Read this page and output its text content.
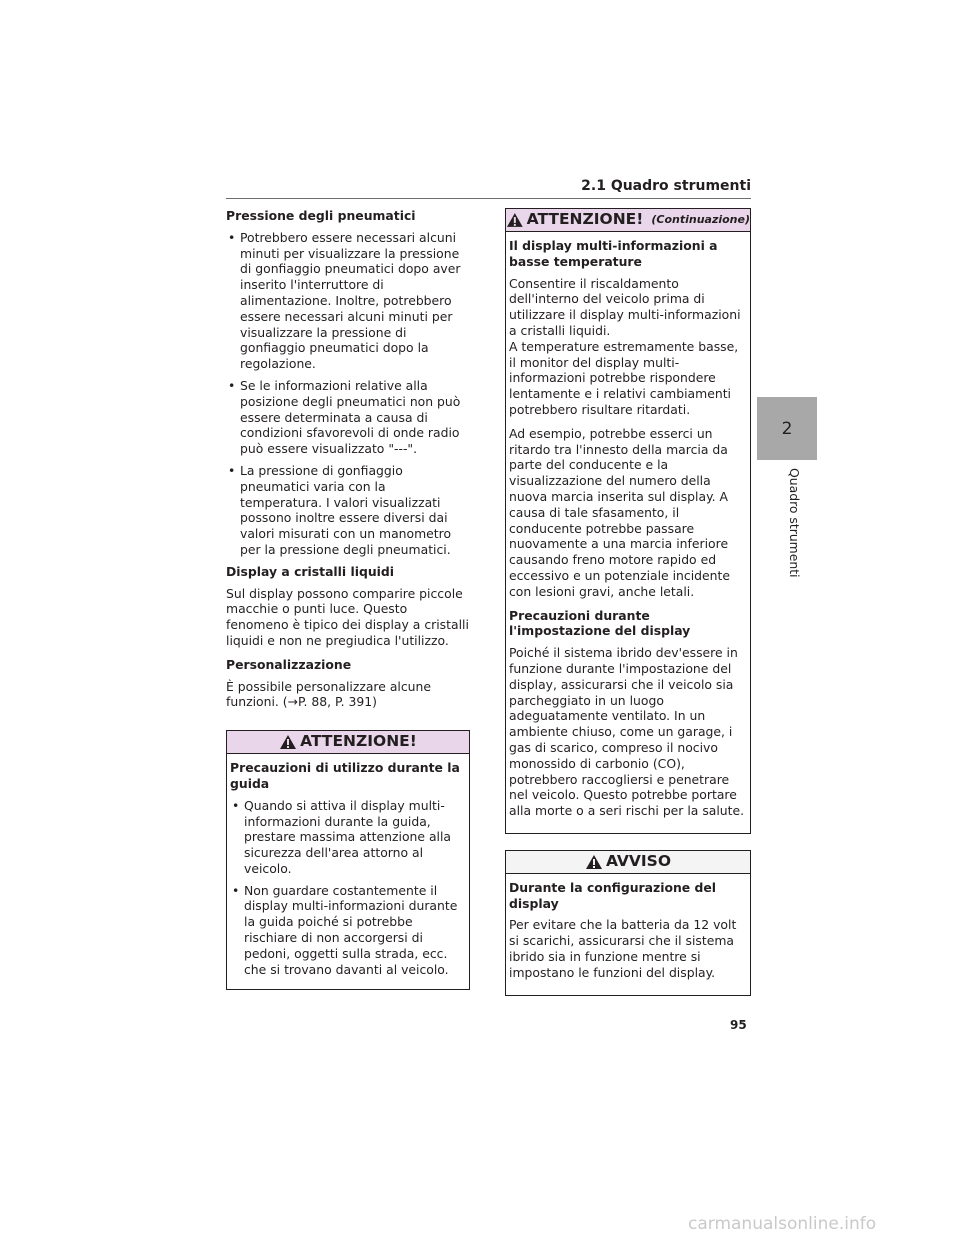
2.1 Quadro strumenti
Pressione degli pneumatici
• Potrebbero essere necessari alcuni minuti per visualizzare la pressione di gonfiaggio pneumatici dopo aver inserito l'interruttore di alimentazione. Inoltre, potrebbero essere necessari alcuni minuti per visualizzare la pressione di gonfiaggio pneumatici dopo la regolazione.
• Se le informazioni relative alla posizione degli pneumatici non può essere determinata a causa di condizioni sfavorevoli di onde radio può essere visualizzato "---".
• La pressione di gonfiaggio pneumatici varia con la temperatura. I valori visualizzati possono inoltre essere diversi dai valori misurati con un manometro per la pressione degli pneumatici.
Display a cristalli liquidi

Sul display possono comparire piccole macchie o punti luce. Questo fenomeno è tipico dei display a cristalli liquidi e non ne pregiudica l'utilizzo.

Personalizzazione

È possibile personalizzare alcune funzioni. (→P. 88, P. 391)

ATTENZIONE!
Precauzioni di utilizzo durante la guida
• Quando si attiva il display multi-informazioni durante la guida, prestare massima attenzione alla sicurezza dell'area attorno al veicolo.
• Non guardare costantemente il display multi-informazioni durante la guida poiché si potrebbe rischiare di non accorgersi di pedoni, oggetti sulla strada, ecc. che si trovano davanti al veicolo.
ATTENZIONE! (Continuazione)
Il display multi-informazioni a basse temperature

Consentire il riscaldamento dell'interno del veicolo prima di utilizzare il display multi-informazioni a cristalli liquidi.

A temperature estremamente basse, il monitor del display multi-informazioni potrebbe rispondere lentamente e i relativi cambiamenti potrebbero risultare ritardati.

Ad esempio, potrebbe esserci un ritardo tra l'innesto della marcia da parte del conducente e la visualizzazione del numero della nuova marcia inserita sul display. A causa di tale sfasamento, il conducente potrebbe passare nuovamente a una marcia inferiore causando freno motore rapido ed eccessivo e un potenziale incidente con lesioni gravi, anche letali.

Precauzioni durante l'impostazione del display

Poiché il sistema ibrido dev'essere in funzione durante l'impostazione del display, assicurarsi che il veicolo sia parcheggiato in un luogo adeguatamente ventilato. In un ambiente chiuso, come un garage, i gas di scarico, compreso il nocivo monossido di carbonio (CO), potrebbero raccogliersi e penetrare nel veicolo. Questo potrebbe portare alla morte o a seri rischi per la salute.

AVVISO
Durante la configurazione del display

Per evitare che la batteria da 12 volt si scarichi, assicurarsi che il sistema ibrido sia in funzione mentre si impostano le funzioni del display.

2
Quadro strumenti
95
carmanualsonline.info
